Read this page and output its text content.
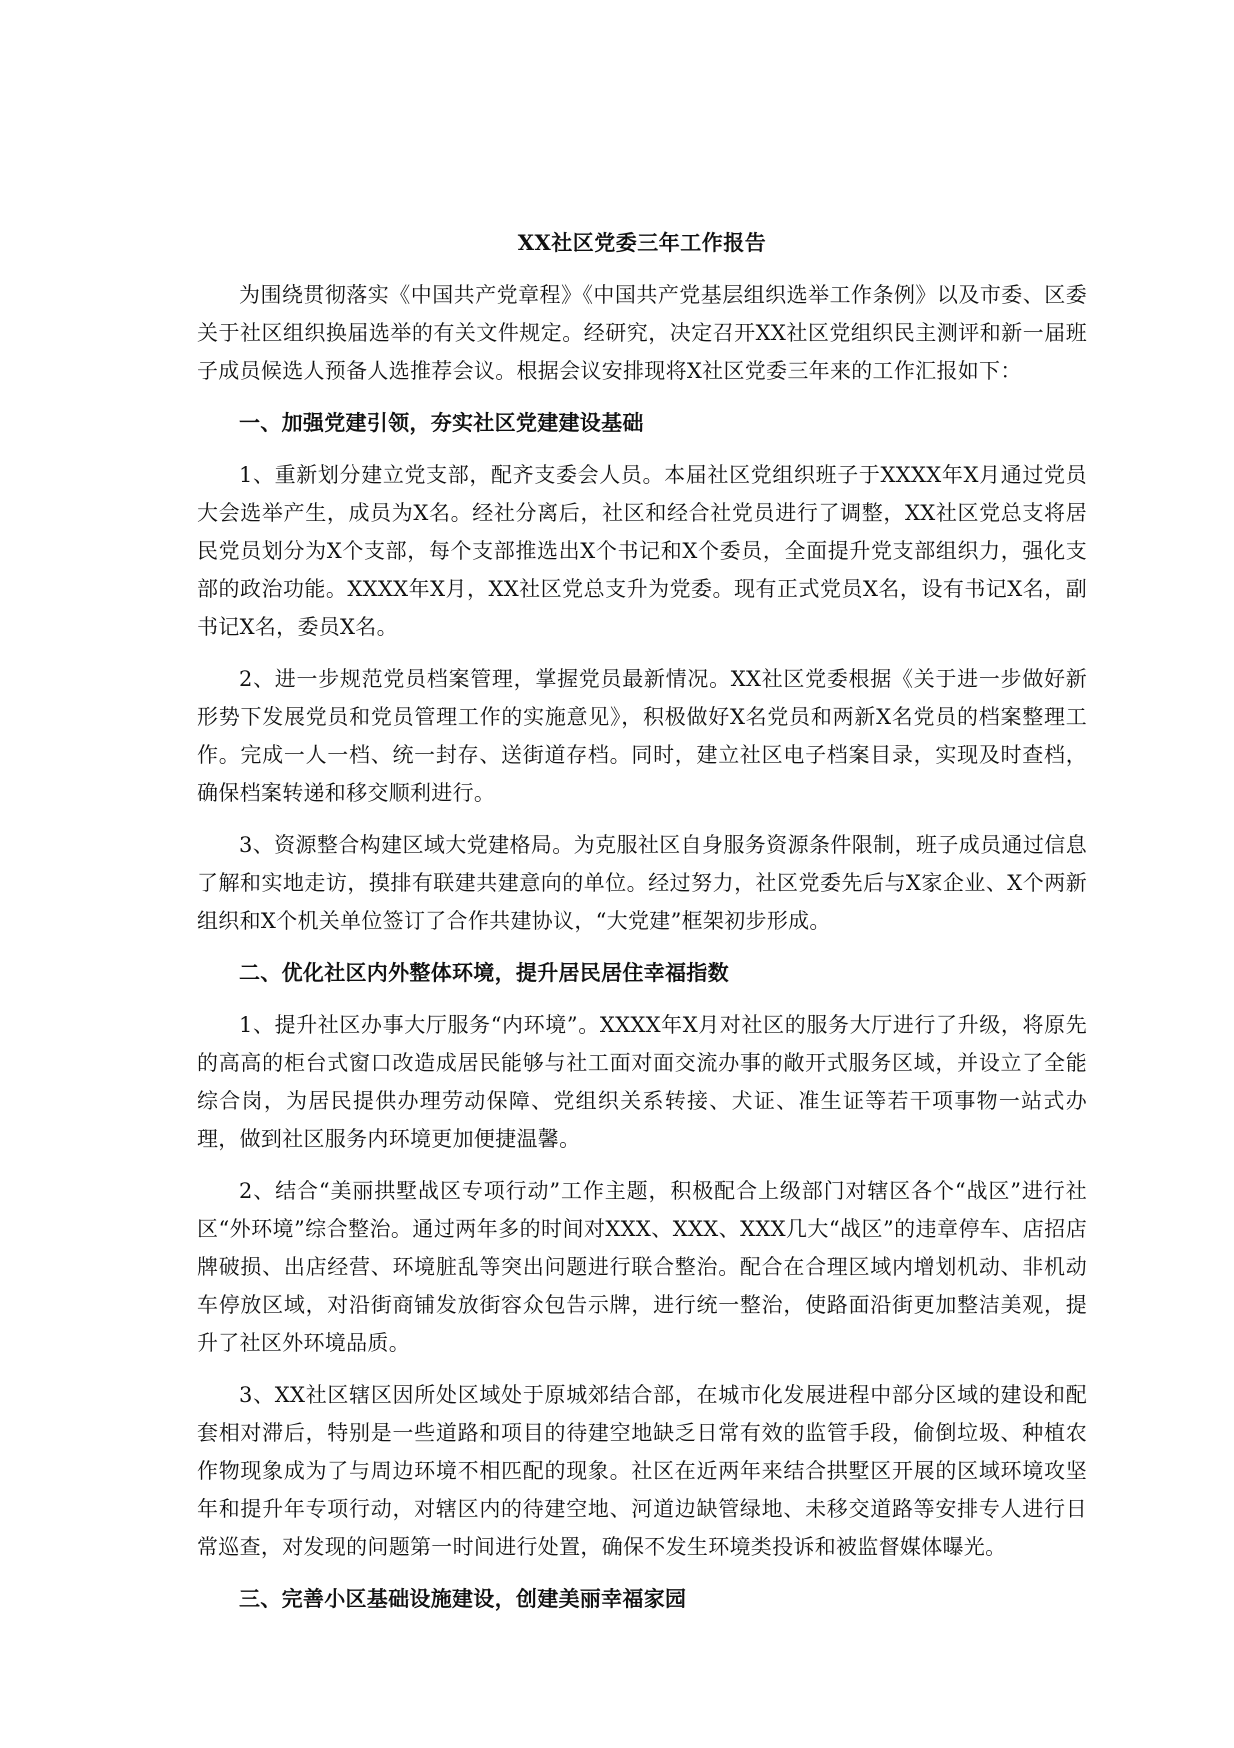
XX社区党委三年工作报告

为围绕贯彻落实《中国共产党章程》《中国共产党基层组织选举工作条例》以及市委、区委关于社区组织换届选举的有关文件规定。经研究，决定召开XX社区党组织民主测评和新一届班子成员候选人预备人选推荐会议。根据会议安排现将X社区党委三年来的工作汇报如下：

一、加强党建引领，夯实社区党建建设基础

1、重新划分建立党支部，配齐支委会人员。本届社区党组织班子于XXXX年X月通过党员大会选举产生，成员为X名。经社分离后，社区和经合社党员进行了调整，XX社区党总支将居民党员划分为X个支部，每个支部推选出X个书记和X个委员，全面提升党支部组织力，强化支部的政治功能。XXXX年X月，XX社区党总支升为党委。现有正式党员X名，设有书记X名，副书记X名，委员X名。

2、进一步规范党员档案管理，掌握党员最新情况。XX社区党委根据《关于进一步做好新形势下发展党员和党员管理工作的实施意见》，积极做好X名党员和两新X名党员的档案整理工作。完成一人一档、统一封存、送街道存档。同时，建立社区电子档案目录，实现及时查档，确保档案转递和移交顺利进行。

3、资源整合构建区域大党建格局。为克服社区自身服务资源条件限制，班子成员通过信息了解和实地走访，摸排有联建共建意向的单位。经过努力，社区党委先后与X家企业、X个两新组织和X个机关单位签订了合作共建协议，“大党建”框架初步形成。

二、优化社区内外整体环境，提升居民居住幸福指数

1、提升社区办事大厅服务“内环境”。XXXX年X月对社区的服务大厅进行了升级，将原先的高高的柜台式窗口改造成居民能够与社工面对面交流办事的敞开式服务区域，并设立了全能综合岗，为居民提供办理劳动保障、党组织关系转接、犬证、准生证等若干项事物一站式办理，做到社区服务内环境更加便捷温馨。

2、结合“美丽拱墅战区专项行动”工作主题，积极配合上级部门对辖区各个“战区”进行社区“外环境”综合整治。通过两年多的时间对XXX、XXX、XXX几大“战区”的违章停车、店招店牌破损、出店经营、环境脏乱等突出问题进行联合整治。配合在合理区域内增划机动、非机动车停放区域，对沿街商铺发放街容众包告示牌，进行统一整治，使路面沿街更加整洁美观，提升了社区外环境品质。

3、XX社区辖区因所处区域处于原城郊结合部，在城市化发展进程中部分区域的建设和配套相对滞后，特别是一些道路和项目的待建空地缺乏日常有效的监管手段，偷倒垃圾、种植农作物现象成为了与周边环境不相匹配的现象。社区在近两年来结合拱墅区开展的区域环境攻坚年和提升年专项行动，对辖区内的待建空地、河道边缺管绿地、未移交道路等安排专人进行日常巡查，对发现的问题第一时间进行处置，确保不发生环境类投诉和被监督媒体曝光。

三、完善小区基础设施建设，创建美丽幸福家园
